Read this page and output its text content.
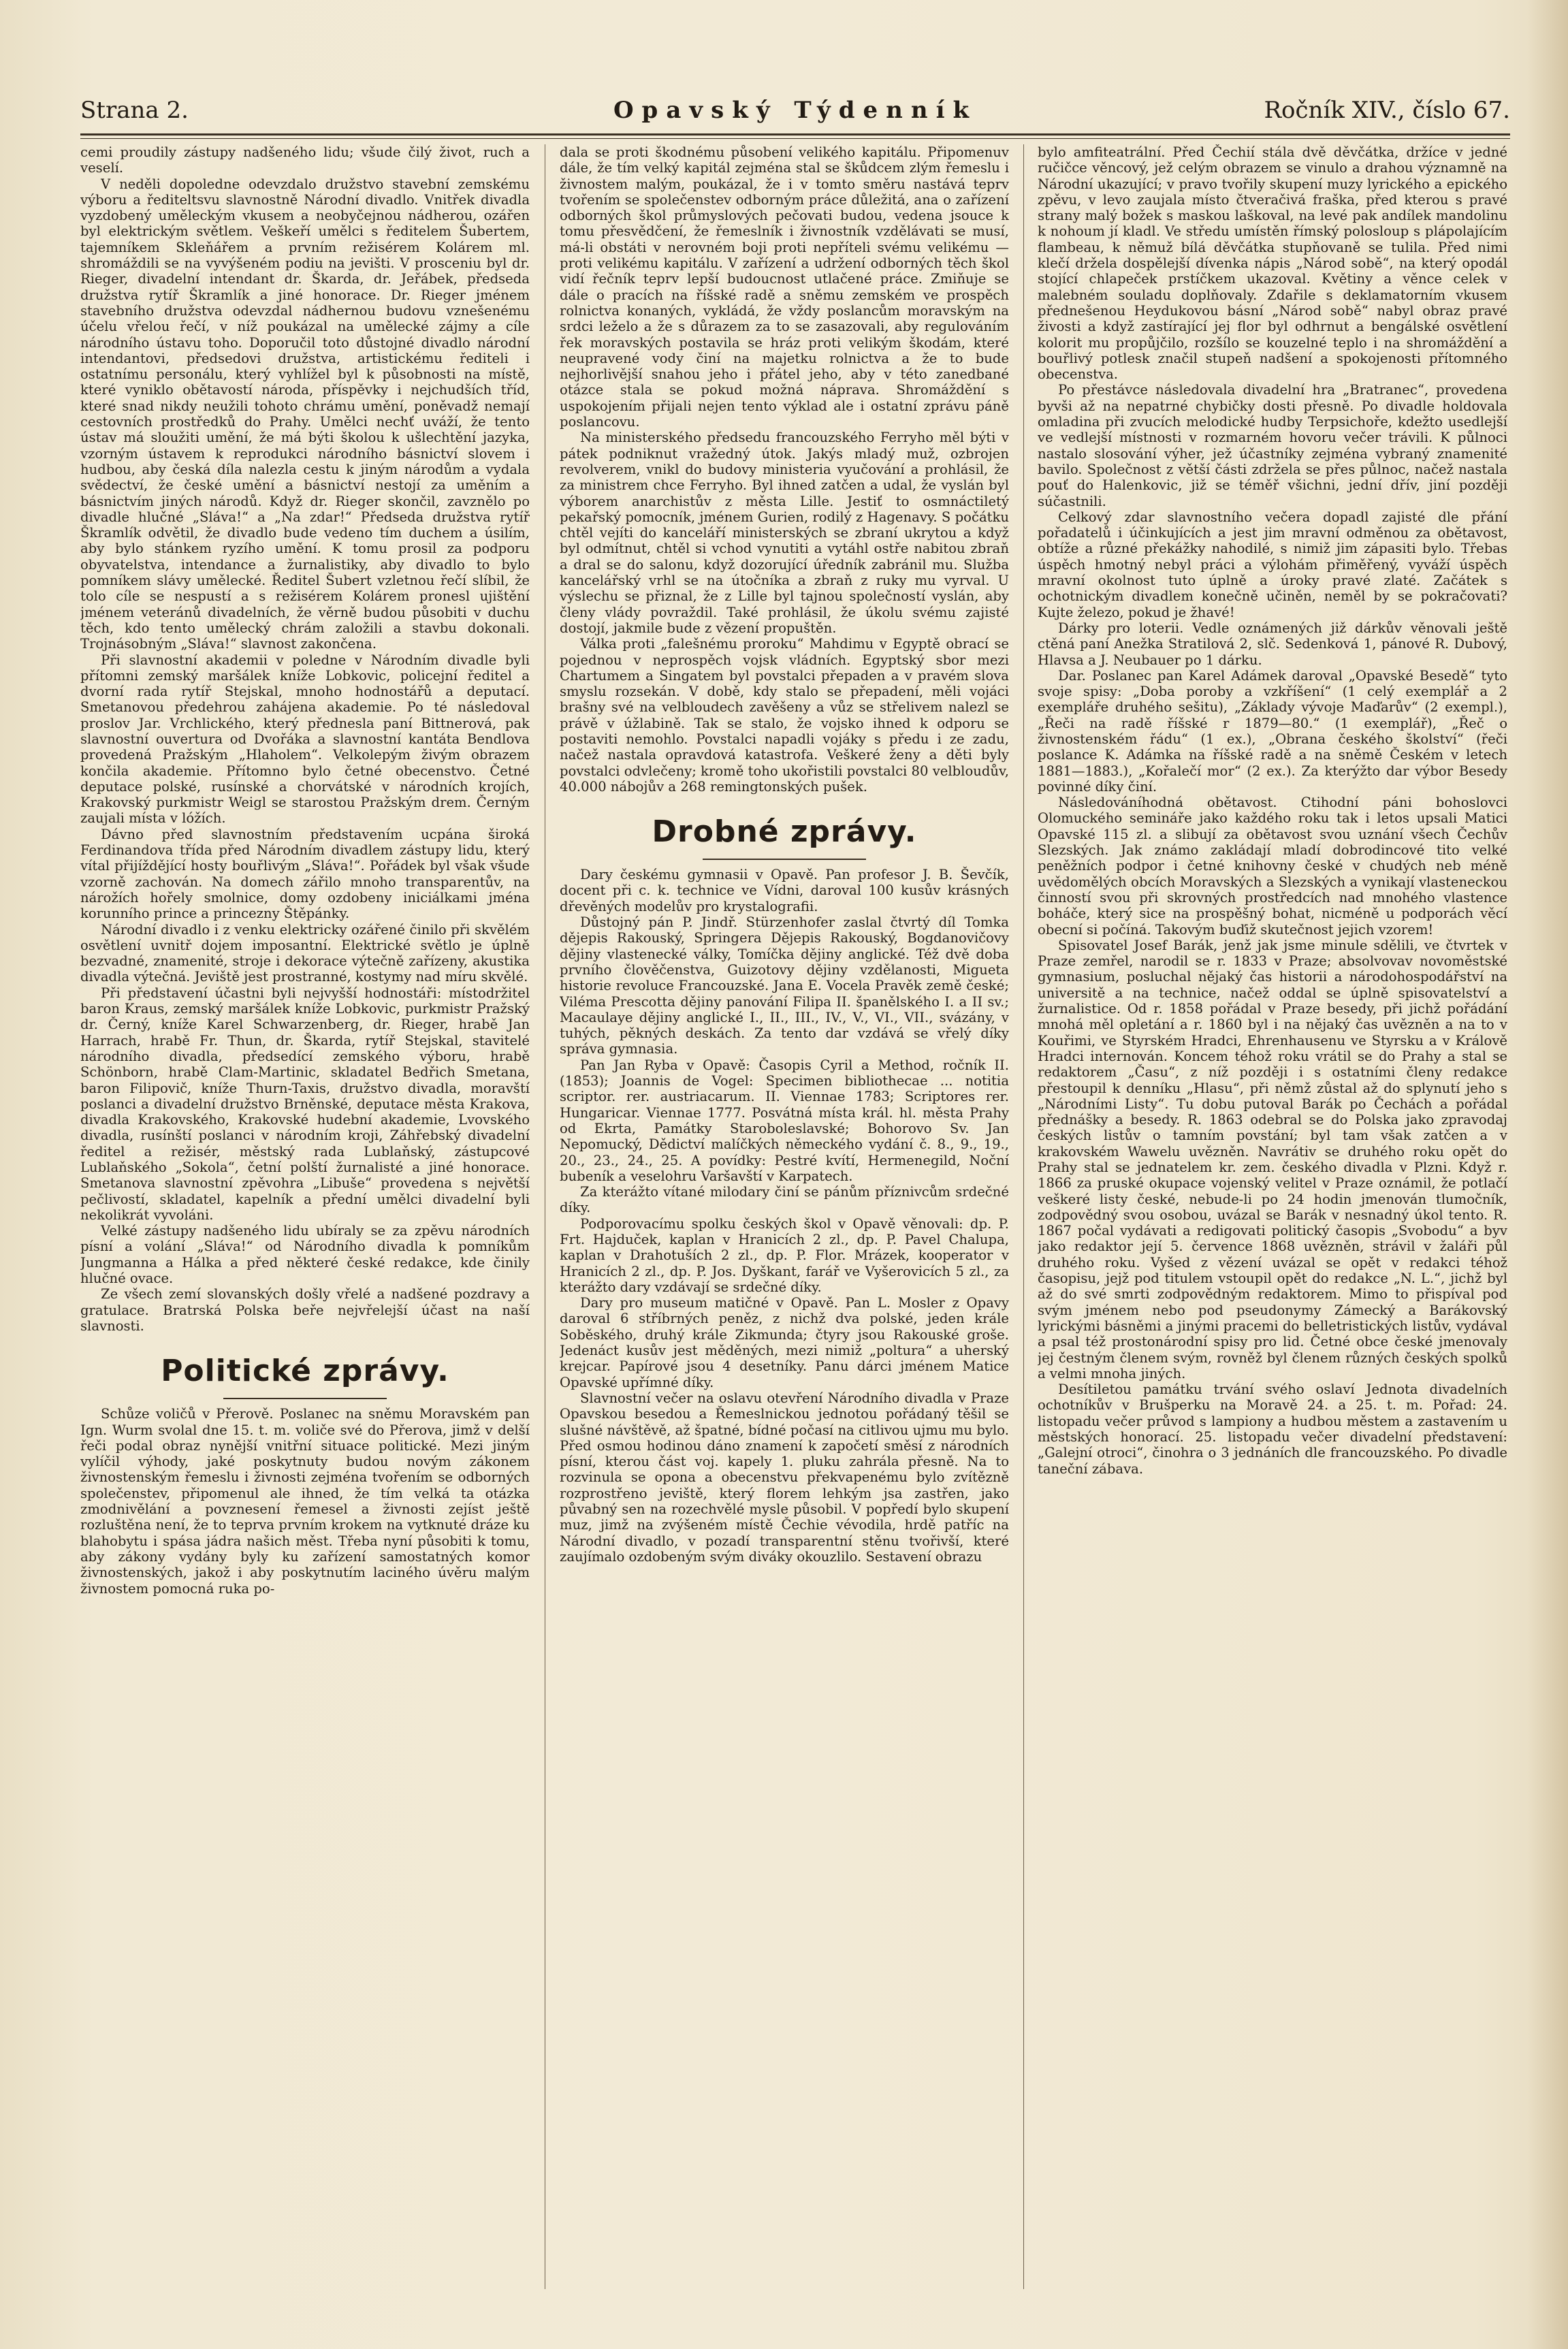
Strana 2.	Opavský Týdenník	Ročník XIV., číslo 67.

cemi proudily zástupy nadšeného lidu; všude čilý život, ruch a veselí.

V neděli dopoledne odevzdalo družstvo stavební zemskému výboru a řediteltsvu slavnostně Národní divadlo. Vnitřek divadla vyzdobený uměleckým vkusem a neobyčejnou nádherou, ozářen byl elektrickým světlem. Veškeří umělci s ředitelem Šubertem, tajemníkem Skleňářem a prvním režisérem Kolárem ml. shromáždili se na vyvýšeném podiu na jevišti. V prosceniu byl dr. Rieger, divadelní intendant dr. Škarda, dr. Jeřábek, předseda družstva rytíř Škramlík a jiné honorace. Dr. Rieger jménem stavebního družstva odevzdal nádhernou budovu vznešenému účelu vřelou řečí, v níž poukázal na umělecké zájmy a cíle národního ústavu toho. Doporučil toto důstojné divadlo národní intendantovi, předsedovi družstva, artistickému řediteli i ostatnímu personálu, který vyhlížel byl k působnosti na místě, které vyniklo obětavostí národa, příspěvky i nejchudších tříd, které snad nikdy neužili tohoto chrámu umění, poněvadž nemají cestovních prostředků do Prahy. Umělci nechť uváží, že tento ústav má sloužiti umění, že má býti školou k ušlechtění jazyka, vzorným ústavem k reprodukci národního básnictví slovem i hudbou, aby česká díla nalezla cestu k jiným národům a vydala svědectví, že české umění a básnictví nestojí za uměním a básnictvím jiných národů. Když dr. Rieger skončil, zavznělo po divadle hlučné „Sláva!“ a „Na zdar!“ Předseda družstva rytíř Škramlík odvětil, že divadlo bude vedeno tím duchem a úsilím, aby bylo stánkem ryzího umění. K tomu prosil za podporu obyvatelstva, intendance a žurnalistiky, aby divadlo to bylo pomníkem slávy umělecké. Ředitel Šubert vzletnou řečí slíbil, že tolo cíle se nespustí a s režisérem Kolárem pronesl ujištění jménem veteránů divadelních, že věrně budou působiti v duchu těch, kdo tento umělecký chrám založili a stavbu dokonali. Trojnásobným „Sláva!“ slavnost zakončena.

Při slavnostní akademii v poledne v Národním divadle byli přítomni zemský maršálek kníže Lobkovic, policejní ředitel a dvorní rada rytíř Stejskal, mnoho hodnostářů a deputací. Smetanovou předehrou zahájena akademie. Po té následoval proslov Jar. Vrchlického, který přednesla paní Bittnerová, pak slavnostní ouvertura od Dvořáka a slavnostní kantáta Bendlova provedená Pražským „Hlaholem“. Velkolepým živým obrazem končila akademie. Přítomno bylo četné obecenstvo. Četné deputace polské, rusínské a chorvátské v národních krojích, Krakovský purkmistr Weigl se starostou Pražským drem. Černým zaujali místa v lóžích.

Dávno před slavnostním představením ucpána široká Ferdinandova třída před Národním divadlem zástupy lidu, který vítal přijíždějící hosty bouřlivým „Sláva!“. Pořádek byl však všude vzorně zachován. Na domech zářilo mnoho transparentův, na nárožích hořely smolnice, domy ozdobeny iniciálkami jména korunního prince a princezny Štěpánky.

Národní divadlo i z venku elektricky ozářené činilo při skvělém osvětlení uvnitř dojem imposantní. Elektrické světlo je úplně bezvadné, znamenité, stroje i dekorace výtečně zařízeny, akustika divadla výtečná. Jeviště jest prostranné, kostymy nad míru skvělé.

Při představení účastni byli nejvyšší hodnostáři: místodržitel baron Kraus, zemský maršálek kníže Lobkovic, purkmistr Pražský dr. Černý, kníže Karel Schwarzenberg, dr. Rieger, hrabě Jan Harrach, hrabě Fr. Thun, dr. Škarda, rytíř Stejskal, stavitelé národního divadla, předsedící zemského výboru, hrabě Schönborn, hrabě Clam-Martinic, skladatel Bedřich Smetana, baron Filipovič, kníže Thurn-Taxis, družstvo divadla, moravští poslanci a divadelní družstvo Brněnské, deputace města Krakova, divadla Krakovského, Krakovské hudební akademie, Lvovského divadla, rusínští poslanci v národním kroji, Záhřebský divadelní ředitel a režisér, městský rada Lublaňský, zástupcové Lublaňského „Sokola“, četní polští žurnalisté a jiné honorace. Smetanova slavnostní zpěvohra „Libuše“ provedena s největší pečlivostí, skladatel, kapelník a přední umělci divadelní byli nekolikrát vyvoláni.

Velké zástupy nadšeného lidu ubíraly se za zpěvu národních písní a volání „Sláva!“ od Národního divadla k pomníkům Jungmanna a Hálka a před některé české redakce, kde činily hlučné ovace.

Ze všech zemí slovanských došly vřelé a nadšené pozdravy a gratulace. Bratrská Polska beře nejvřelejší účast na naší slavnosti.

Politické zprávy.

Schůze voličů v Přerově. Poslanec na sněmu Moravském pan Ign. Wurm svolal dne 15. t. m. voliče své do Přerova, jimž v delší řeči podal obraz nynější vnitřní situace politické. Mezi jiným vylíčil výhody, jaké poskytnuty budou novým zákonem živnostenským řemeslu i živnosti zejména tvořením se odborných společenstev, připomenul ale ihned, že tím velká ta otázka zmodnivělání a povznesení řemesel a živnosti zejíst ještě rozluštěna není, že to teprva prvním krokem na vytknuté dráze ku blahobytu i spása jádra našich měst. Třeba nyní působiti k tomu, aby zákony vydány byly ku zařízení samostatných komor živnostenských, jakož i aby poskytnutím laciného úvěru malým živnostem pomocná ruka po-

dala se proti škodnému působení velikého kapitálu. Připomenuv dále, že tím velký kapitál zejména stal se škůdcem zlým řemeslu i živnostem malým, poukázal, že i v tomto směru nastává teprv tvořením se společenstev odborným práce důležitá, ana o zařízení odborných škol průmyslových pečovati budou, vedena jsouce k tomu přesvědčení, že řemeslník i živnostník vzdělávati se musí, má-li obstáti v nerovném boji proti nepříteli svému velikému — proti velikému kapitálu. V zařízení a udržení odborných těch škol vidí řečník teprv lepší budoucnost utlačené práce. Zmiňuje se dále o pracích na říšské radě a sněmu zemském ve prospěch rolnictva konaných, vykládá, že vždy poslancům moravským na srdci leželo a že s důrazem za to se zasazovali, aby regulováním řek moravských postavila se hráz proti velikým škodám, které neupravené vody činí na majetku rolnictva a že to bude nejhorlivější snahou jeho i přátel jeho, aby v této zanedbané otázce stala se pokud možná náprava. Shromáždění s uspokojením přijali nejen tento výklad ale i ostatní zprávu páně poslancovu.

Na ministerského předsedu francouzského Ferryho měl býti v pátek podniknut vražedný útok. Jakýs mladý muž, ozbrojen revolverem, vnikl do budovy ministeria vyučování a prohlásil, že za ministrem chce Ferryho. Byl ihned zatčen a udal, že vyslán byl výborem anarchistův z města Lille. Jestiť to osmnáctiletý pekařský pomocník, jménem Gurien, rodilý z Hagenavy. S počátku chtěl vejíti do kanceláří ministerských se zbraní ukrytou a když byl odmítnut, chtěl si vchod vynutiti a vytáhl ostře nabitou zbraň a dral se do salonu, když dozorující úředník zabránil mu. Služba kancelářský vrhl se na útočníka a zbraň z ruky mu vyrval. U výslechu se přiznal, že z Lille byl tajnou společností vyslán, aby členy vlády povraždil. Také prohlásil, že úkolu svému zajisté dostojí, jakmile bude z vězení propuštěn.

Válka proti „falešnému proroku“ Mahdimu v Egyptě obrací se pojednou v neprospěch vojsk vládních. Egyptský sbor mezi Chartumem a Singatem byl povstalci přepaden a v pravém slova smyslu rozsekán. V době, kdy stalo se přepadení, měli vojáci brašny své na velbloudech zavěšeny a vůz se střelivem nalezl se právě v úžlabině. Tak se stalo, že vojsko ihned k odporu se postaviti nemohlo. Povstalci napadli vojáky s předu i ze zadu, načež nastala opravdová katastrofa. Veškeré ženy a děti byly povstalci odvlečeny; kromě toho ukořistili povstalci 80 velbloudův, 40.000 nábojův a 268 remingtonských pušek.

Drobné zprávy.

Dary českému gymnasii v Opavě. Pan profesor J. B. Ševčík, docent při c. k. technice ve Vídni, daroval 100 kusův krásných dřevěných modelův pro krystalografii.

Důstojný pán P. Jindř. Stürzenhofer zaslal čtvrtý díl Tomka dějepis Rakouský, Springera Dějepis Rakouský, Bogdanovičovy dějiny vlastenecké války, Tomíčka dějiny anglické. Též dvě doba prvního člověčenstva, Guizotovy dějiny vzdělanosti, Migueta historie revoluce Francouzské. Jana E. Vocela Pravěk země české; Viléma Prescotta dějiny panování Filipa II. španělského I. a II sv.; Macaulaye dějiny anglické I., II., III., IV., V., VI., VII., svázány, v tuhých, pěkných deskách. Za tento dar vzdává se vřelý díky správa gymnasia.

Pan Jan Ryba v Opavě: Časopis Cyril a Method, ročník II. (1853); Joannis de Vogel: Specimen bibliothecae ... notitia scriptor. rer. austriacarum. II. Viennae 1783; Scriptores rer. Hungaricar. Viennae 1777. Posvátná místa král. hl. města Prahy od Ekrta, Památky Staroboleslavské; Bohorovo Sv. Jan Nepomucký, Dědictví malíčkých německého vydání č. 8., 9., 19., 20., 23., 24., 25. A povídky: Pestré kvítí, Hermenegild, Noční bubeník a veselohru Varšavští v Karpatech.

Za kterážto vítané milodary činí se pánům příznivcům srdečné díky.

Podporovacímu spolku českých škol v Opavě věnovali: dp. P. Frt. Hajduček, kaplan v Hranicích 2 zl., dp. P. Pavel Chalupa, kaplan v Drahotuších 2 zl., dp. P. Flor. Mrázek, kooperator v Hranicích 2 zl., dp. P. Jos. Dyškant, farář ve Vyšerovicích 5 zl., za kterážto dary vzdávají se srdečné díky.

Dary pro museum matičné v Opavě. Pan L. Mosler z Opavy daroval 6 stříbrných peněz, z nichž dva polské, jeden krále Soběského, druhý krále Zikmunda; čtyry jsou Rakouské groše. Jedenáct kusův jest měděných, mezi nimiž „poltura“ a uherský krejcar. Papírové jsou 4 desetníky. Panu dárci jménem Matice Opavské upřímné díky.

Slavnostní večer na oslavu otevření Národního divadla v Praze Opavskou besedou a Řemeslnickou jednotou pořádaný těšil se slušné návštěvě, až špatné, bídné počasí na citlivou ujmu mu bylo. Před osmou hodinou dáno znamení k započetí směsí z národních písní, kterou část voj. kapely 1. pluku zahrála přesně. Na to rozvinula se opona a obecenstvu překvapenému bylo zvítězně rozprostřeno jeviště, který florem lehkým jsa zastřen, jako půvabný sen na rozechvělé mysle působil. V popředí bylo skupení muz, jimž na zvýšeném místě Čechie vévodila, hrdě patříc na Národní divadlo, v pozadí transparentní stěnu tvořivší, které zaujímalo ozdobeným svým diváky okouzlilo. Sestavení obrazu

bylo amfiteatrální. Před Čechií stála dvě děvčátka, držíce v jedné ručičce věncový, jež celým obrazem se vinulo a drahou významně na Národní ukazující; v pravo tvořily skupení muzy lyrického a epického zpěvu, v levo zaujala místo čtveračivá fraška, před kterou s pravé strany malý božek s maskou laškoval, na levé pak andílek mandolinu k nohoum jí kladl. Ve středu umístěn římský polosloup s plápolajícím flambeau, k němuž bílá děvčátka stupňovaně se tulila. Před nimi klečí držela dospělejší dívenka nápis „Národ sobě“, na který opodál stojící chlapeček prstíčkem ukazoval. Květiny a věnce celek v malebném souladu doplňovaly. Zdařile s deklamatorním vkusem přednešenou Heydukovou básní „Národ sobě“ nabyl obraz pravé živosti a když zastírající jej flor byl odhrnut a bengálské osvětlení kolorit mu propůjčilo, rozšílo se kouzelné teplo i na shromáždění a bouřlivý potlesk značil stupeň nadšení a spokojenosti přítomného obecenstva.

Po přestávce následovala divadelní hra „Bratranec“, provedena byvši až na nepatrné chybičky dosti přesně. Po divadle holdovala omladina při zvucích melodické hudby Terpsichoře, kdežto usedlejší ve vedlejší místnosti v rozmarném hovoru večer trávili. K půlnoci nastalo slosování výher, jež účastníky zejména vybraný znamenité bavilo. Společnost z větší části zdržela se přes půlnoc, načež nastala pouť do Halenkovic, již se téměř všichni, jední dřív, jiní později súčastnili.

Celkový zdar slavnostního večera dopadl zajisté dle přání pořadatelů i účinkujících a jest jim mravní odměnou za obětavost, obtíže a různé překážky nahodilé, s nimiž jim zápasiti bylo. Třebas úspěch hmotný nebyl práci a výlohám přiměřený, vyváží úspěch mravní okolnost tuto úplně a úroky pravé zlaté. Začátek s ochotnickým divadlem konečně učiněn, neměl by se pokračovati? Kujte železo, pokud je žhavé!

Dárky pro loterii. Vedle oznámených již dárkův věnovali ještě ctěná paní Anežka Stratilová 2, slč. Sedenková 1, pánové R. Dubový, Hlavsa a J. Neubauer po 1 dárku.

Dar. Poslanec pan Karel Adámek daroval „Opavské Besedě“ tyto svoje spisy: „Doba poroby a vzkříšení“ (1 celý exemplář a 2 exempláře druhého sešitu), „Základy vývoje Maďarův“ (2 exempl.), „Řeči na radě říšské r 1879—80.“ (1 exemplář), „Řeč o živnostenském řádu“ (1 ex.), „Obrana českého školství“ (řeči poslance K. Adámka na říšské radě a na sněmě Českém v letech 1881—1883.), „Kořalečí mor“ (2 ex.). Za kterýžto dar výbor Besedy povinné díky činí.

Následováníhodná obětavost. Ctihodní páni bohoslovci Olomuckého semináře jako každého roku tak i letos upsali Matici Opavské 115 zl. a slibují za obětavost svou uznání všech Čechův Slezských. Jak známo zakládají mladí dobrodincové tito velké peněžních podpor i četné knihovny české v chudých neb méně uvědomělých obcích Moravských a Slezských a vynikají vlasteneckou činností svou při skrovných prostředcích nad mnohého vlastence boháče, který sice na prospěšný bohat, nicméně u podporách věcí obecní si počíná. Takovým buďiž skutečnost jejich vzorem!

Spisovatel Josef Barák, jenž jak jsme minule sdělili, ve čtvrtek v Praze zemřel, narodil se r. 1833 v Praze; absolvovav novoměstské gymnasium, posluchal nějaký čas historii a národohospodářství na universitě a na technice, načež oddal se úplně spisovatelství a žurnalistice. Od r. 1858 pořádal v Praze besedy, při jichž pořádání mnohá měl opletání a r. 1860 byl i na nějaký čas uvězněn a na to v Kouřimi, ve Styrském Hradci, Ehrenhausenu ve Styrsku a v Králově Hradci internován. Koncem téhož roku vrátil se do Prahy a stal se redaktorem „Času“, z níž později i s ostatními členy redakce přestoupil k denníku „Hlasu“, při němž zůstal až do splynutí jeho s „Národními Listy“. Tu dobu putoval Barák po Čechách a pořádal přednášky a besedy. R. 1863 odebral se do Polska jako zpravodaj českých listův o tamním povstání; byl tam však zatčen a v krakovském Wawelu uvězněn. Navrátiv se druhého roku opět do Prahy stal se jednatelem kr. zem. českého divadla v Plzni. Když r. 1866 za pruské okupace vojenský velitel v Praze oznámil, že potlačí veškeré listy české, nebude-li po 24 hodin jmenován tlumočník, zodpovědný svou osobou, uvázal se Barák v nesnadný úkol tento. R. 1867 počal vydávati a redigovati politický časopis „Svobodu“ a byv jako redaktor její 5. července 1868 uvězněn, strávil v žaláři půl druhého roku. Vyšed z vězení uvázal se opět v redakci téhož časopisu, jejž pod titulem vstoupil opět do redakce „N. L.“, jichž byl až do své smrti zodpovědným redaktorem. Mimo to přispíval pod svým jménem nebo pod pseudonymy Zámecký a Barákovský lyrickými básněmi a jinými pracemi do belletristických listův, vydával a psal též prostonárodní spisy pro lid. Četné obce české jmenovaly jej čestným členem svým, rovněž byl členem různých českých spolků a velmi mnoha jiných.

Desítiletou památku trvání svého oslaví Jednota divadelních ochotníkův v Brušperku na Moravě 24. a 25. t. m. Pořad: 24. listopadu večer průvod s lampiony a hudbou městem a zastavením u městských honorací. 25. listopadu večer divadelní představení: „Galejní otroci“, činohra o 3 jednáních dle francouzského. Po divadle taneční zábava.
